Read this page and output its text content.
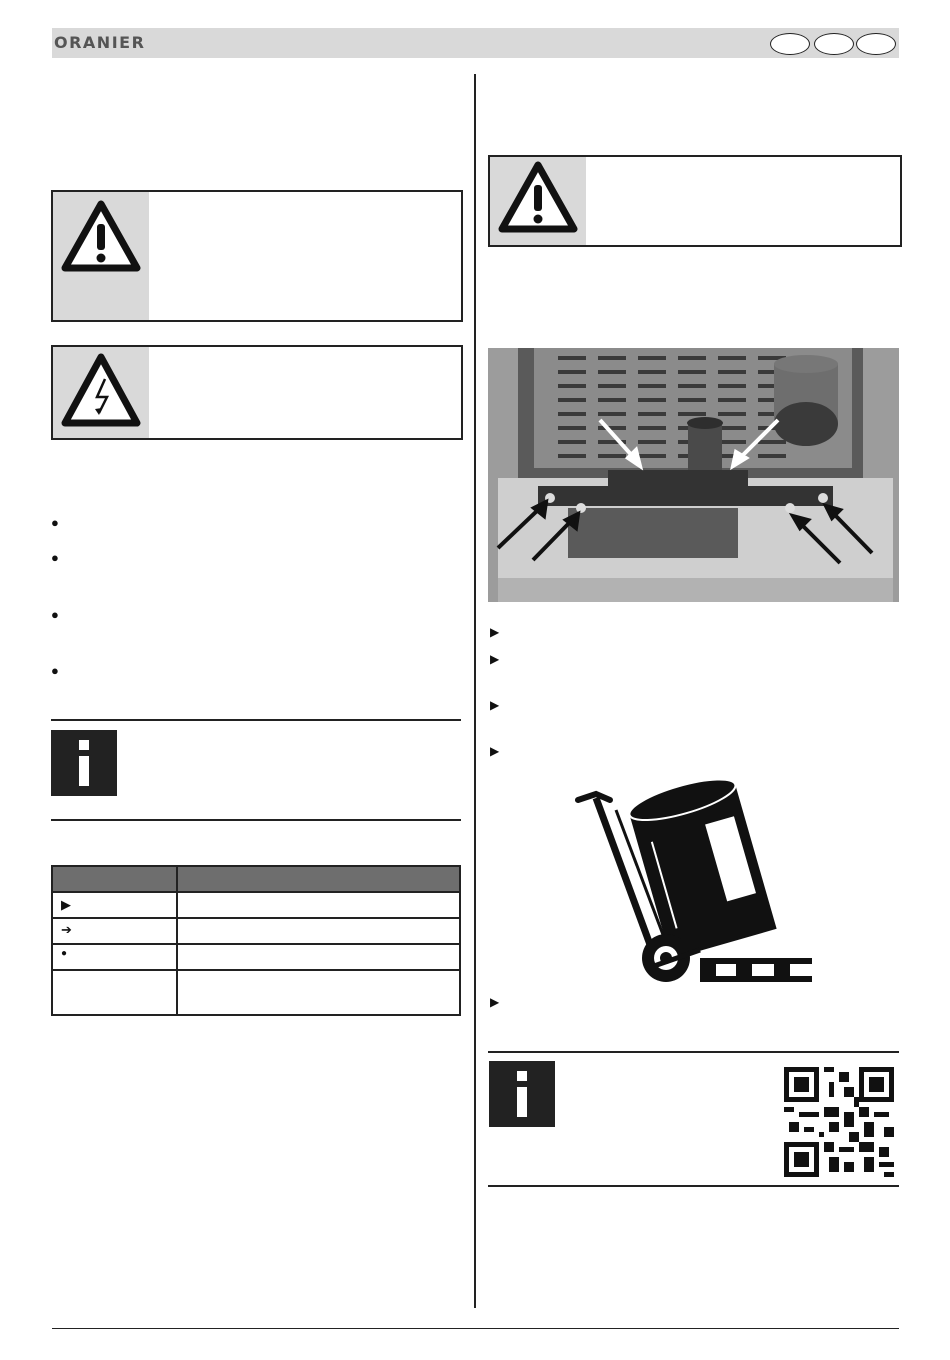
ORANIER
●
●
●
●
▶
➔
●
▶
▶
▶
▶
▶
